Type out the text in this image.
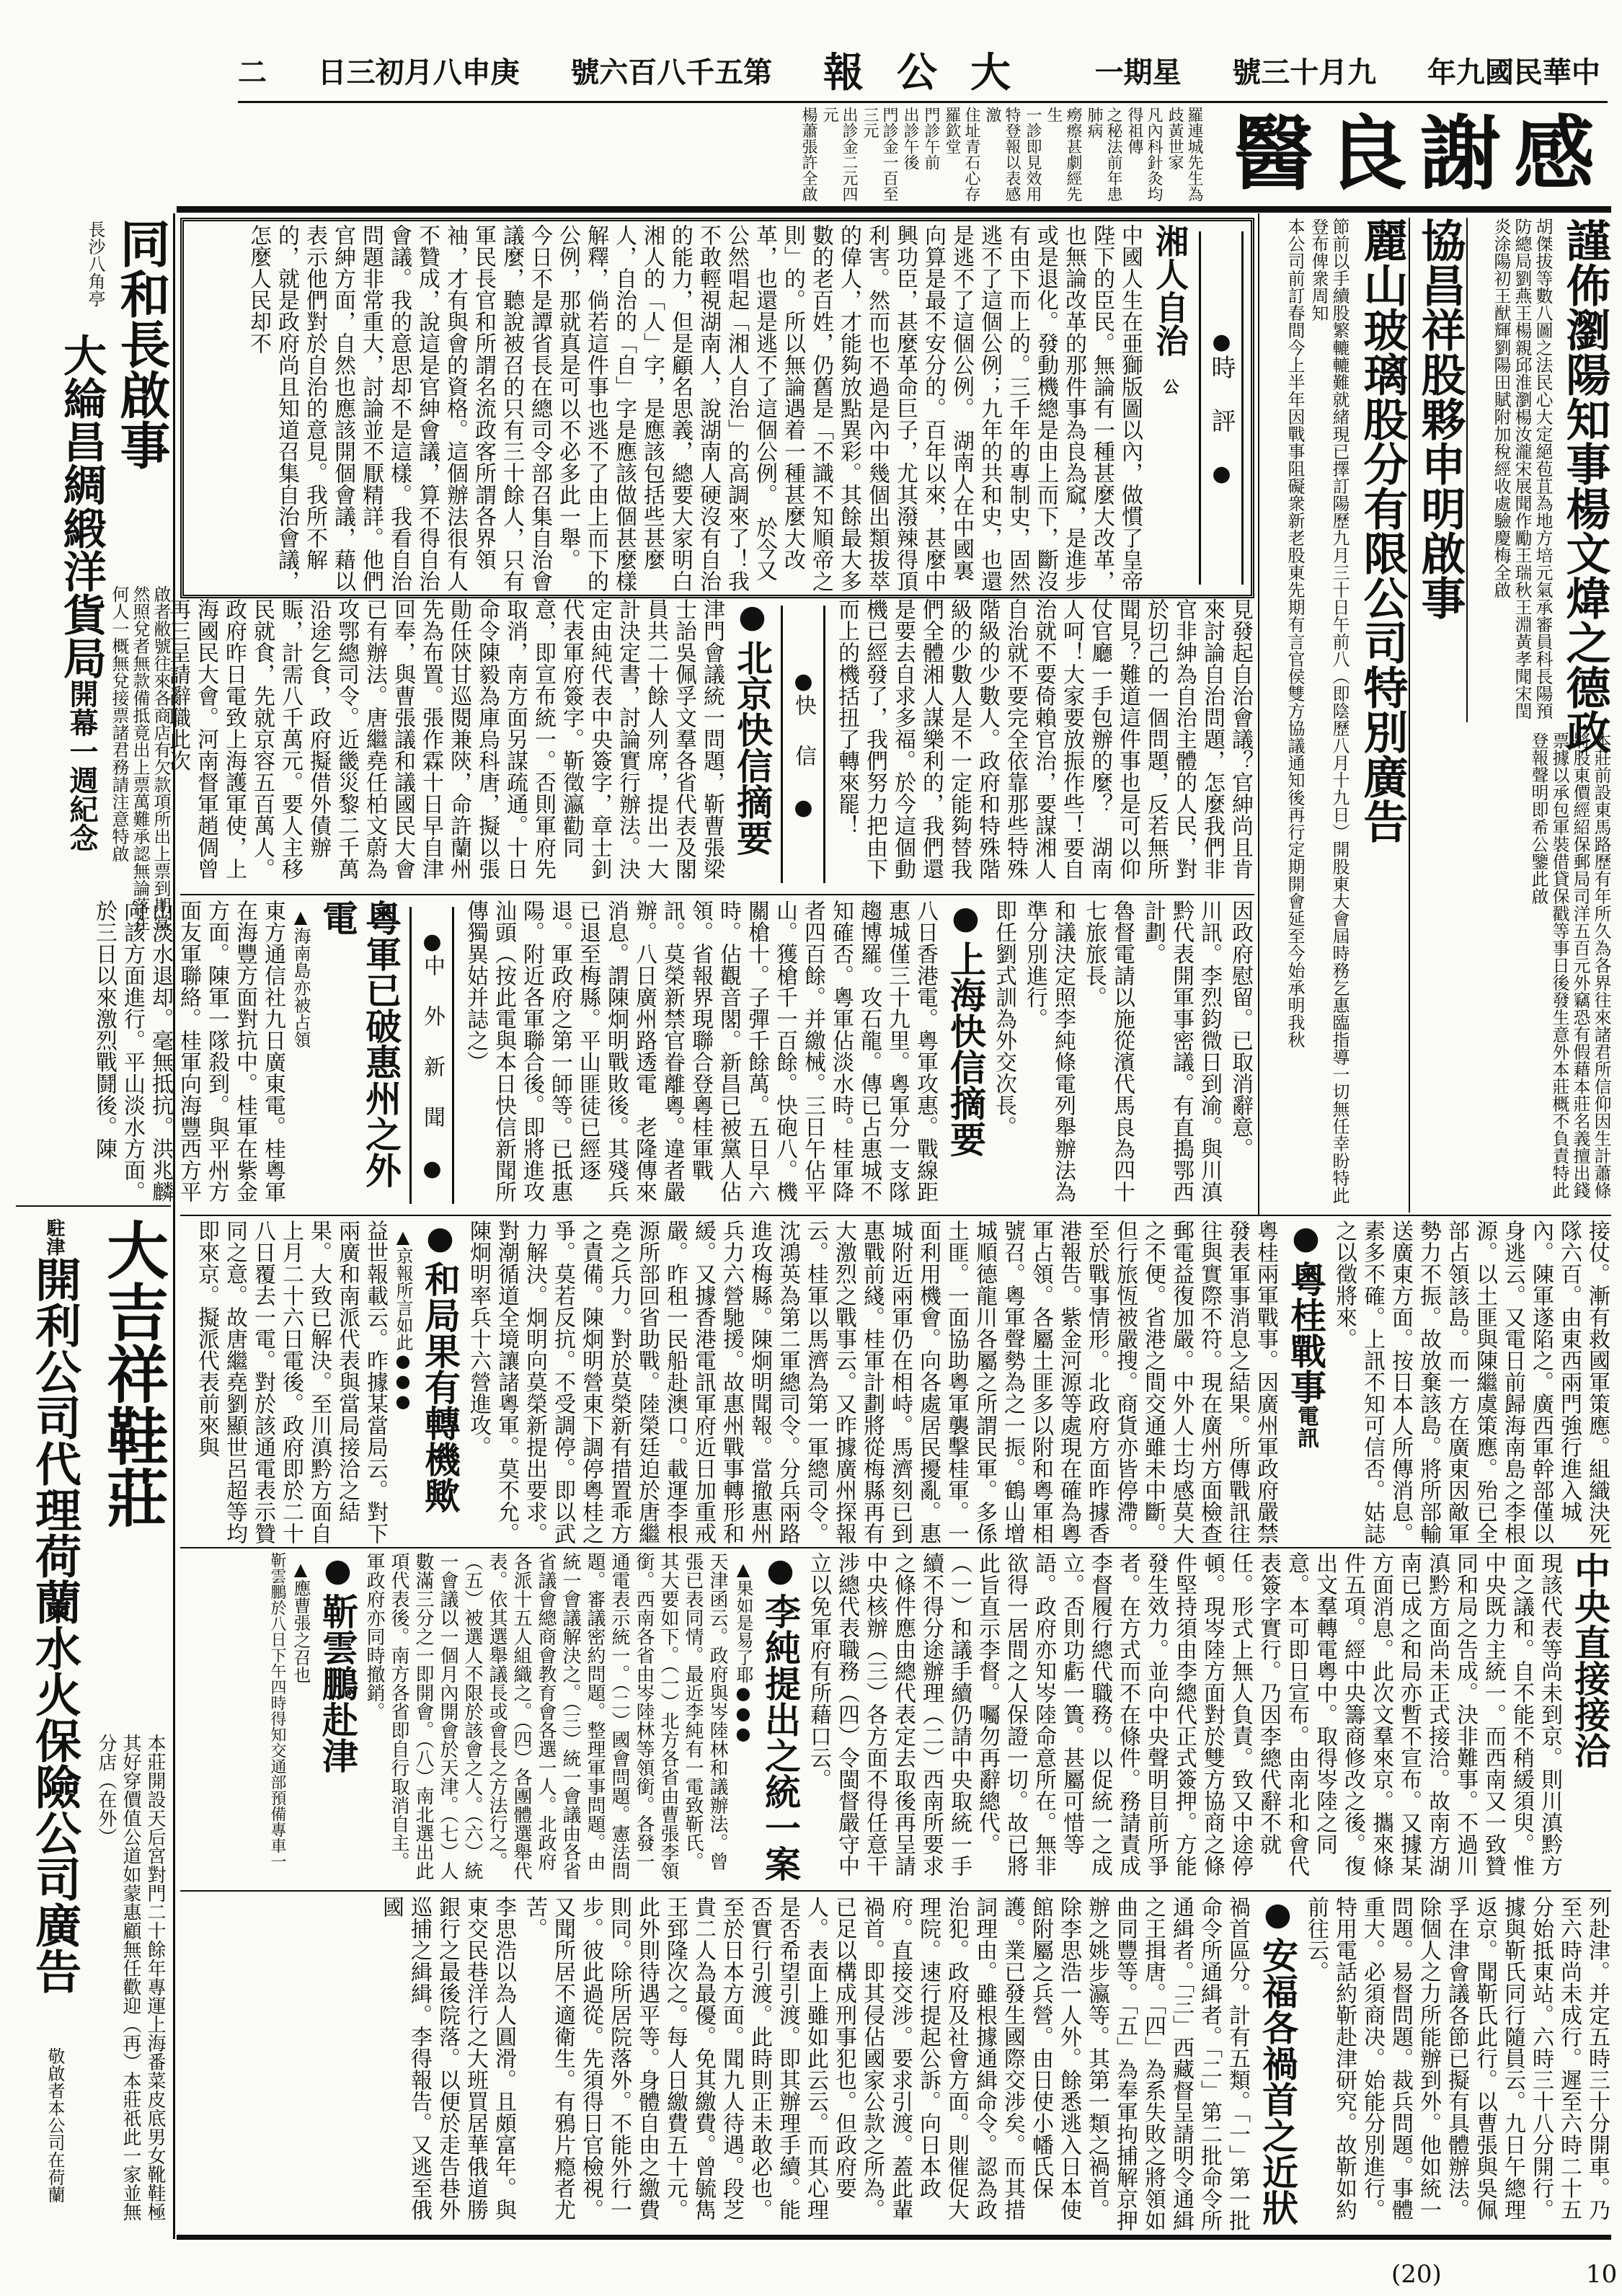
二 庚申八月初三日 第五千八百六號 大公報 星期一 九月十三號 中華民國九年
感謝良醫
羅連城先生為歧黃世家
凡內科針灸均得祖傳
之秘法前年患肺病
癆瘵甚劇經先生
一診即見效用
特登報以表感激
住址青石心存羅欽堂
門診午前
出診午後
門診金一百至三元
出診金二元四元
楊蕭張許全啟
同和長啟事
啟者敝號往來各商店有欠款項所出上票到期當然照兌者無款備抵竟出上票萬難承認無論落在何人一概無兌接票諸君務請注意特啟
長沙八角亭
大綸昌綢緞洋貨局開幕一週紀念
大吉祥鞋莊
本莊開設天后宮對門二十餘年專運上海番菜皮底男女靴鞋極其好穿價值公道如蒙惠顧無任歡迎（再）本莊祇此一家並無分店（在外）
駐津開利公司代理荷蘭水火保險公司廣告
敬啟者本公司在荷蘭
謹佈瀏陽知事楊文煒之德政
胡傑拔等數八圖之法民心大定絕苞苴為地方培元氣承審員科長陽預防總局劉燕王楊親邱淮瀏楊汝瀧宋展聞作勵王瑞秋王淵黃孝聞宋閏炎涂陽初王猷輝劉陽田賦附加稅經收處驗慶梅全啟
本莊前設東馬路歷有年所久為各界往來諸君所信仰因生計蕭條將股東價經紹保郵局司洋五百元外竊恐有假藉本莊名義擅出錢票據以承包軍裝借貸保戳等事日後發生意外本莊概不負責特此登報聲明即希公鑒此啟
協昌祥股夥申明啟事
麗山玻璃股分有限公司特別廣告
節前以手續股繁轆轆難就緒現已擇訂陽歷九月三十日午前八（即陰歷八月十九日）開股東大會屆時務乞惠臨指導一切無任幸盼特此登布俾衆周知
本公司前訂春間今上半年因戰事阻礙衆新老股東先期有言官侯雙方協議通知後再行定期開會延至今始承明我秋
● 時評 ●
湘人自治公
中國人生在亜獅版圖以內，做慣了皇帝陛下的臣民。無論有一種甚麼大改革，也無論改革的那件事為良為窳，是進步或是退化。發動機總是由上而下，斷沒有由下而上的。三千年的專制史，固然逃不了這個公例；九年的共和史，也還是逃不了這個公例。　湖南人在中國裏向算是最不安分的。百年以來，甚麼中興功臣，甚麼革命巨子，尤其潑辣得頂利害。然而也不過是內中幾個出類拔萃的偉人，才能夠放點異彩。其餘最大多數的老百姓，仍舊是「不識不知順帝之則」的。所以無論遇着一種甚麼大改革，也還是逃不了這個公例。　於今又公然唱起「湘人自治」的高調來了！我不敢輕視湖南人，說湖南人硬沒有自治的能力，但是顧名思義，總要大家明白湘人的「人」字，是應該包括些甚麼人，自治的「自」字是應該做個甚麼樣解釋，倘若這件事也逃不了由上而下的公例，那就真是可以不必多此一舉。　今日不是譚省長在總司令部召集自治會議麼，聽說被召的只有三十餘人，只有軍民長官和所謂名流政客所謂各界領袖，才有與會的資格。這個辦法很有人不贊成，說這是官紳會議，算不得自治會議。我的意思却不是這樣。我看自治問題非常重大，討論並不厭精詳。他們官紳方面，自然也應該開個會議，藉以表示他們對於自治的意見。我所不解的，就是政府尚且知道召集自治會議，怎麼人民却不
見發起自治會議？官紳尚且肯來討論自治問題，怎麼我們非官非紳為自治主體的人民，對於切己的一個問題，反若無所聞見？難道這件事也是可以仰仗官廳一手包辦的麼？　湖南人呵！大家要放振作些！要自治就不要倚賴官治，要謀湘人自治就不要完全依靠那些特殊階級的少數人。政府和特殊階級的少數人是不一定能夠替我們全體湘人謀樂利的，我們還是要去自求多福。於今這個動機已經發了，我們努力把由下而上的機括扭了轉來罷！
● 快信 ●
● 北京快信摘要
津門會議統一問題，靳曹張梁士詒吳佩孚文羣各省代表及閣員共二十餘人列席，提出一大計決定書，討論實行辦法。決定由純代表中央簽字，章士釗代表軍府簽字。靳徵瀛勸同意，即宣布統一。否則軍府先取消，南方面另謀疏通。十日命令陳毅為庫烏科唐，擬以張勛任陝甘巡閱兼陝，命許蘭州先為布置。張作霖十日早自津回奉，與曹張議和議國民大會已有辦法。唐繼堯任柏文蔚為攻鄂總司令。近畿災黎二千萬沿途乞食，政府擬借外債辦賑，計需八千萬元。要人主移民就食，先就京容五百萬人。政府昨日電致上海護軍使，上海國民大會。河南督軍趙倜曾再三呈請辭職此次
因政府慰留。已取消辭意。
川訊。李烈鈞微日到渝。與川滇黔代表開軍事密議。有直搗鄂西計劃。
魯督電請以施從濱代馬良為四十七旅旅長。
和議決定照李純條電列舉辦法為準分別進行。
即任劉式訓為外交次長。
● 上海快信摘要
八日香港電。粵軍攻惠。戰線距惠城僅三十九里。粵軍分一支隊趨博羅。攻石龍。傳已占惠城不知確否。粵軍佔淡水時。桂軍降者四百餘。并繳械。三日午佔平山。獲槍千一百餘。快砲八。機關槍十。子彈千餘萬。五日早六時。佔觀音閣。新昌已被黨人佔領。省報界現聯合登粵桂軍戰訊。莫榮新禁官眷離粵。違者嚴辦。八日廣州路透電　老隆傳來消息。謂陳炯明戰敗後。其殘兵已退至梅縣。平山匪徒已經逐退。軍政府之第一師等。已抵惠陽。附近各軍聯合後。即將進攻汕頭（按此電與本日快信新聞所傳獨異姑并誌之）
● 中外新聞 ●
粵軍已破惠州之外電
▲海南島亦被占領
東方通信社九日廣東電。桂粵軍在海豐方面對抗中。桂軍在紫金方面。陳軍一隊殺到。與平州方面友軍聯絡。桂軍向海豐西方平山淡水退却。毫無抵抗。洪兆麟向該方面進行。平山淡水方面。於三日以來激烈戰鬪後。陳
接仗。漸有救國軍策應。組織決死隊六百。由東西兩門強行進入城內。陳軍遂陷之。廣西軍幹部僅以身逃云。又電日前歸海南島之李根源。以土匪與陳繼虞策應。殆已全部占領該島。而一方在廣東因敵軍勢力不振。故放棄該島。將所部輸送廣東方面。按日本人所傳消息。素多不確。上訊不知可信否。姑誌之以徵將來。
● 粵桂戰事電訊
粵桂兩軍戰事。因廣州軍政府嚴禁發表軍事消息之結果。所傳戰訊往往與實際不符。現在廣州方面檢查郵電益復加嚴。中外人士均感莫大之不便。省港之間交通雖未中斷。但行旅恆被嚴搜。商貨亦皆停滯。至於戰事情形。北政府方面昨據香港報告。紫金河源等處現在確為粵軍占領。各屬土匪多以附和粵軍相號召。粵軍聲勢為之一振。鶴山增城順德龍川各屬之所謂民軍。多係土匪。一面協助粵軍襲擊桂軍。一面利用機會。向各處居民擾亂。惠城附近兩軍仍在相峙。馬濟刻已到惠戰前綫。桂軍計劃將從梅縣再有大激烈之戰事云。又昨據廣州探報云。桂軍以馬濟為第一軍總司令。沈鴻英為第二軍總司令。分兵兩路進攻梅縣。陳炯明聞報。當撤惠州兵力六營馳援。故惠州戰事轉形和緩。又據香港電訊軍府近日加重戒嚴。昨租一民船赴澳口。載運李根源所部回省助戰。陸榮廷迫於唐繼堯之兵力。對於莫榮新有措置乖方之責備。陳炯明營東下調停粵桂之爭。莫若反抗。不受調停。即以武力解決。炯明向莫榮新提出要求。對潮循道全境讓諸粵軍。莫不允。陳炯明率兵十六營進攻。
● 和局果有轉機歟
▲京報所言如此●●●
益世報載云。昨據某當局云。對下兩廣和南派代表與當局接洽之結果。大致已解決。至川滇黔方面自上月二十六日電後。政府即於二十八日覆去一電。對於該通電表示贊同之意。故唐繼堯劉顯世呂超等均即來京。擬派代表前來與
中央直接接洽
現該代表等尚未到京。則川滇黔方面之議和。自不能不稍緩須臾。惟中央既力主統一。而西南又一致贊同和局之告成。決非難事。不過川滇黔方面尚未正式接洽。故南方湖南已成之和局亦暫不宣布。又據某方面消息。此次文羣來京。攜來條件五項。經中央籌商修改之後。復出文羣轉電粵中。取得岑陸之同意。本可即日宣布。由南北和會代表簽字實行。乃因李總代辭不就任。形式上無人負責。致又中途停頓。現岑陸方面對於雙方協商之條件堅持須由李總代正式簽押。方能發生效力。並向中央聲明目前所爭者。在方式而不在條件。務請責成李督履行總代職務。以促統一之成立。否則功虧一簣。甚屬可惜等語。政府亦知岑陸命意所在。無非欲得一居間之人保證一切。故已將此旨直示李督。囑勿再辭總代。（一）和議手續仍請中央取統一手續不得分途辦理（二）西南所要求之條件應由總代表定去取後再呈請中央核辦（三）各方面不得任意干涉總代表職務（四）令閩督嚴守中立以免軍府有所藉口云。
● 李純提出之統一案
▲果如是易了耶●●●
天津函云。政府與岑陸林和議辦法。曾張已表同情。最近李純有一電致靳氏。其大要如下。（一）北方各省由曹張李領銜。西南各省由岑陸林等領銜。各發一通電表示統一。（二）國會問題。憲法問題。審議密約問題。整理軍事問題。由統一會議解決之。（三）統一會議由各省省議會總商會教育會各選一人。北政府各派十五人組織之。（四）各團體選舉代表。依其選舉議長或會長之方法行之。（五）被選人不限於該會之人。（六）統一會議以一個月內開會於天津。（七）人數滿三分之一即開會。（八）南北選出此項代表後。南方各省即自行取消自主。軍政府亦同時撤銷。
● 靳雲鵬赴津
▲應曹張之召也
靳雲鵬於八日下午四時得知交通部預備專車一
列赴津。并定五時三十分開車。乃至六時尚未成行。遲至六時二十五分始抵東站。六時三十八分開行。據與靳氏同行隨員云。九日午總理返京。聞靳氏此行。以曹張與吳佩孚在津會議各節已擬有具體辦法。除個人之力所能辦到外。他如統一問題。易督問題。裁兵問題。事體重大。必須商决。始能分別進行。特用電話約靳赴津研究。故靳如約前往云。
● 安福各禍首之近狀
禍首區分。計有五類。「一」第一批命令所通緝者。「二」第二批命令所通緝者。「三」西藏督呈請明令通緝之王揖唐。「四」為系失敗之將領如曲同豐等。「五」為奉軍拘捕解京押辦之姚步瀛等。其第一類之禍首。除李思浩一人外。餘悉逃入日本使館附屬之兵營。由日使小幡氏保護。業已發生國際交涉矣。而其措詞理由。雖根據通緝命令。認為政治犯。政府及社會方面。則催促大理院。速行提起公訴。向日本政府。直接交涉。要求引渡。蓋此輩禍首。即其侵佔國家公款之所為。已足以構成刑事犯也。但政府要人。表面上雖如此云云。而其心理是否希望引渡。即其辦理手續。能否實行引渡。此時則正未敢必也。至於日本方面。聞九人待遇。段芝貴二人為最優。免其繳費。曾毓雋王郅隆次之。每人日繳費五十元。此外則待遇平等。身體自由之繳費則同。除所居院落外。不能外行一步。彼此過從。先須得日官檢視。又聞所居不適衛生。有鴉片瘾者尤苦。
李思浩以為人圓滑。且頗富年。與東交民巷洋行之大班買居華俄道勝銀行之最後院落。以便於走告巷外巡捕之緝緝。李得報告。又逃至俄國
(20)	10
